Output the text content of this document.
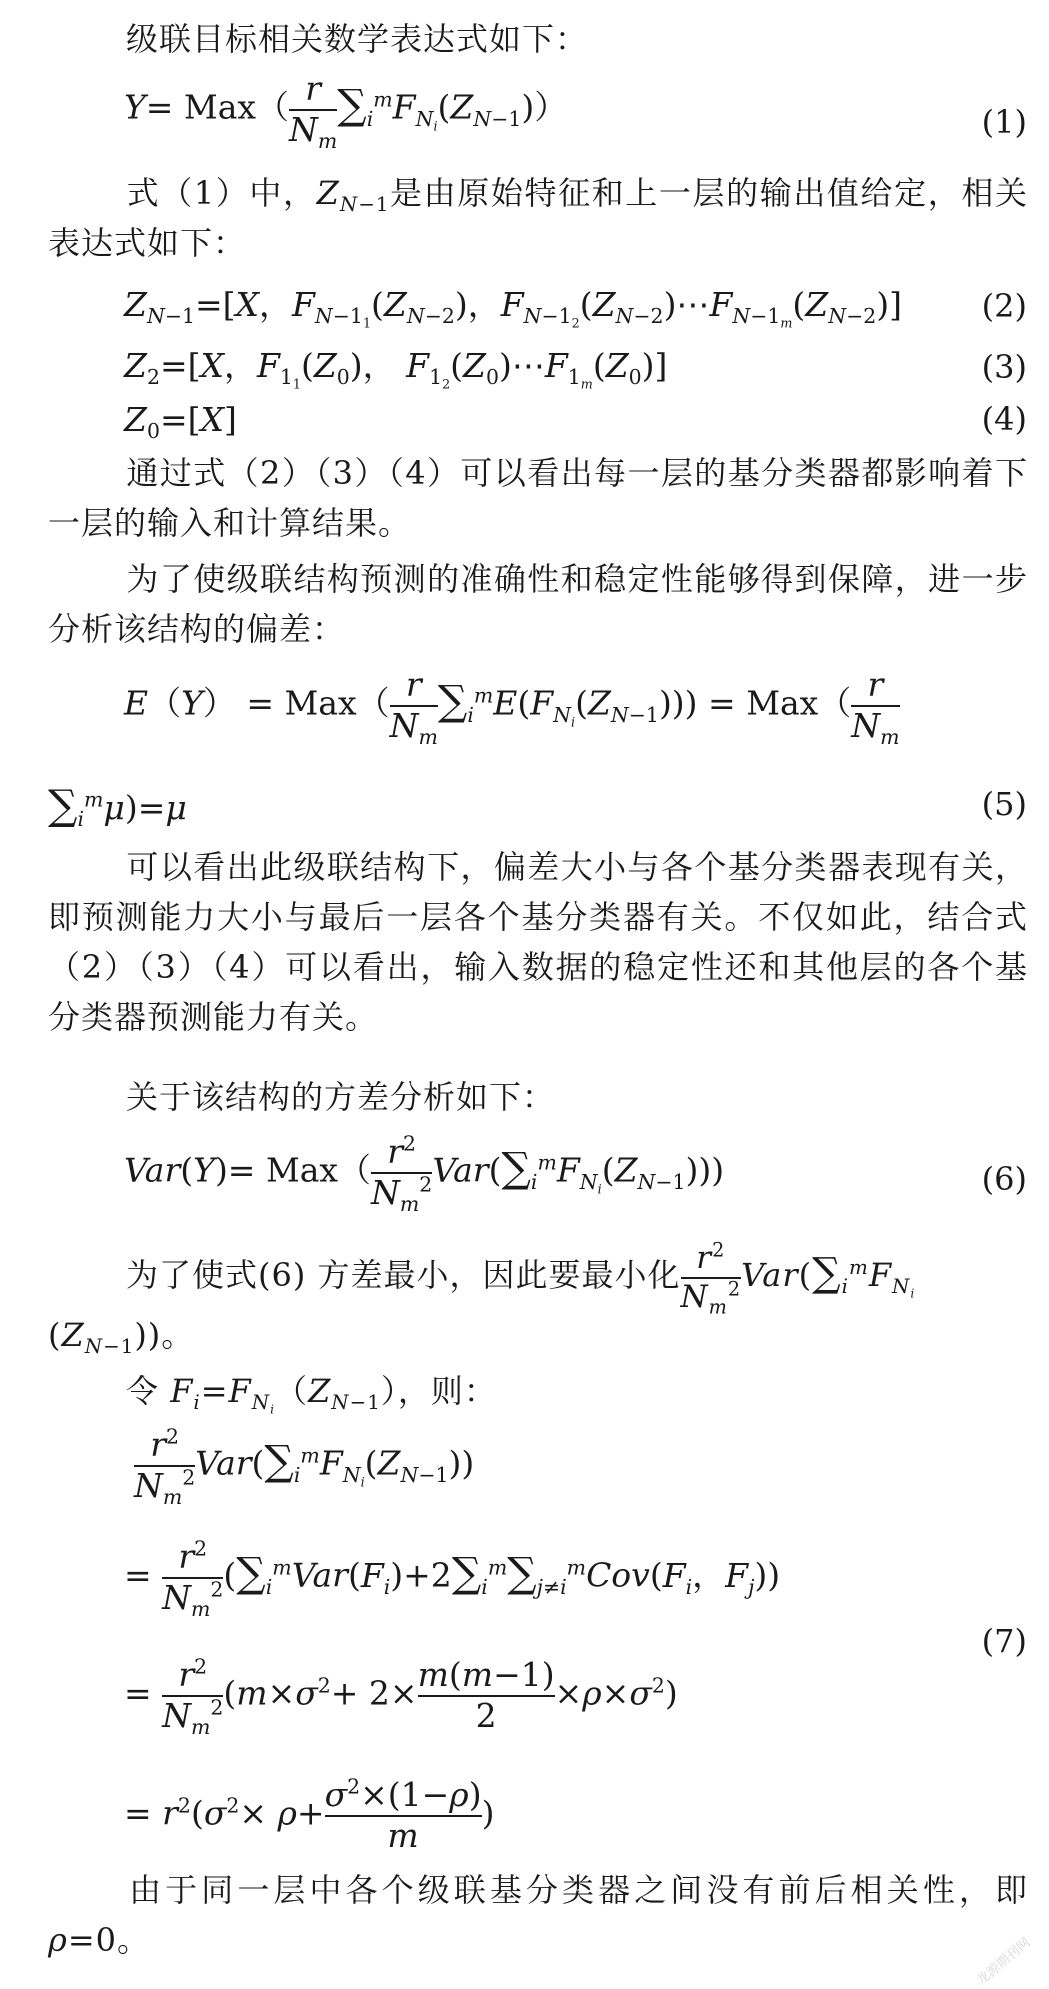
级联目标相关数学表达式如下：

$Y= Max( \frac{r}{N_m} \sum_i^mF_{N_i}(Z_{N-1}))$	(1)

式（1）中，$Z_{N-1}$是由原始特征和上一层的输出值给定，相关表达式如下：

$Z_{N-1}=[X$，$F_{N-1_1}(Z_{N-2})$，$F_{N-1_2}(Z_{N-2})\cdots F_{N-1_m}(Z_{N-2})$]	(2)
$Z_2=[X$，$F_{1_1}(Z_0)$， $F_{1_2}(Z_0)\cdots F_{1_m}(Z_0)$]	(3)
$Z_0=[X]$	(4)

通过式（2）（3）（4）可以看出每一层的基分类器都影响着下一层的输入和计算结果。

为了使级联结构预测的准确性和稳定性能够得到保障，进一步分析该结构的偏差：

$E(Y) = Max( \frac{r}{N_m} \sum_i^mE(F_{N_i}(Z_{N-1}))) = Max( \frac{r}{N_m}$
$\sum_i^m\mu)=\mu$	(5)

可以看出此级联结构下，偏差大小与各个基分类器表现有关，即预测能力大小与最后一层各个基分类器有关。不仅如此，结合式（2）（3）（4）可以看出，输入数据的稳定性还和其他层的各个基分类器预测能力有关。

关于该结构的方差分析如下：

$Var(Y)= Max( \frac{r^2}{N_m^2} Var(\sum_i^mF_{N_i}(Z_{N-1})))$	(6)

为了使式(6) 方差最小，因此要最小化 $\frac{r^2}{N_m^2} Var(\sum_i^mF_{N_i}$

$(Z_{N-1})$)。

令 $F_i=F_{N_i}(Z_{N-1})$，则：

$\frac{r^2}{N_m^2} Var(\sum_i^mF_{N_i}(Z_{N-1}))$
= $\frac{r^2}{N_m^2} (\sum_i^mVar(F_i)+2\sum_i^m\sum_{j\ne i}^mCov(F_i$，$F_j$))
(7)
= $\frac{r^2}{N_m^2} (m\times\sigma^2+ 2\times \frac{m(m-1)}{2} \times\rho\times\sigma^2)$
= $r^2(\sigma^2\times \rho+ \frac{\sigma^2\times(1-\rho)}{m}$ )

由于同一层中各个级联基分类器之间没有前后相关性，即 ρ=0。	龙源期刊网
